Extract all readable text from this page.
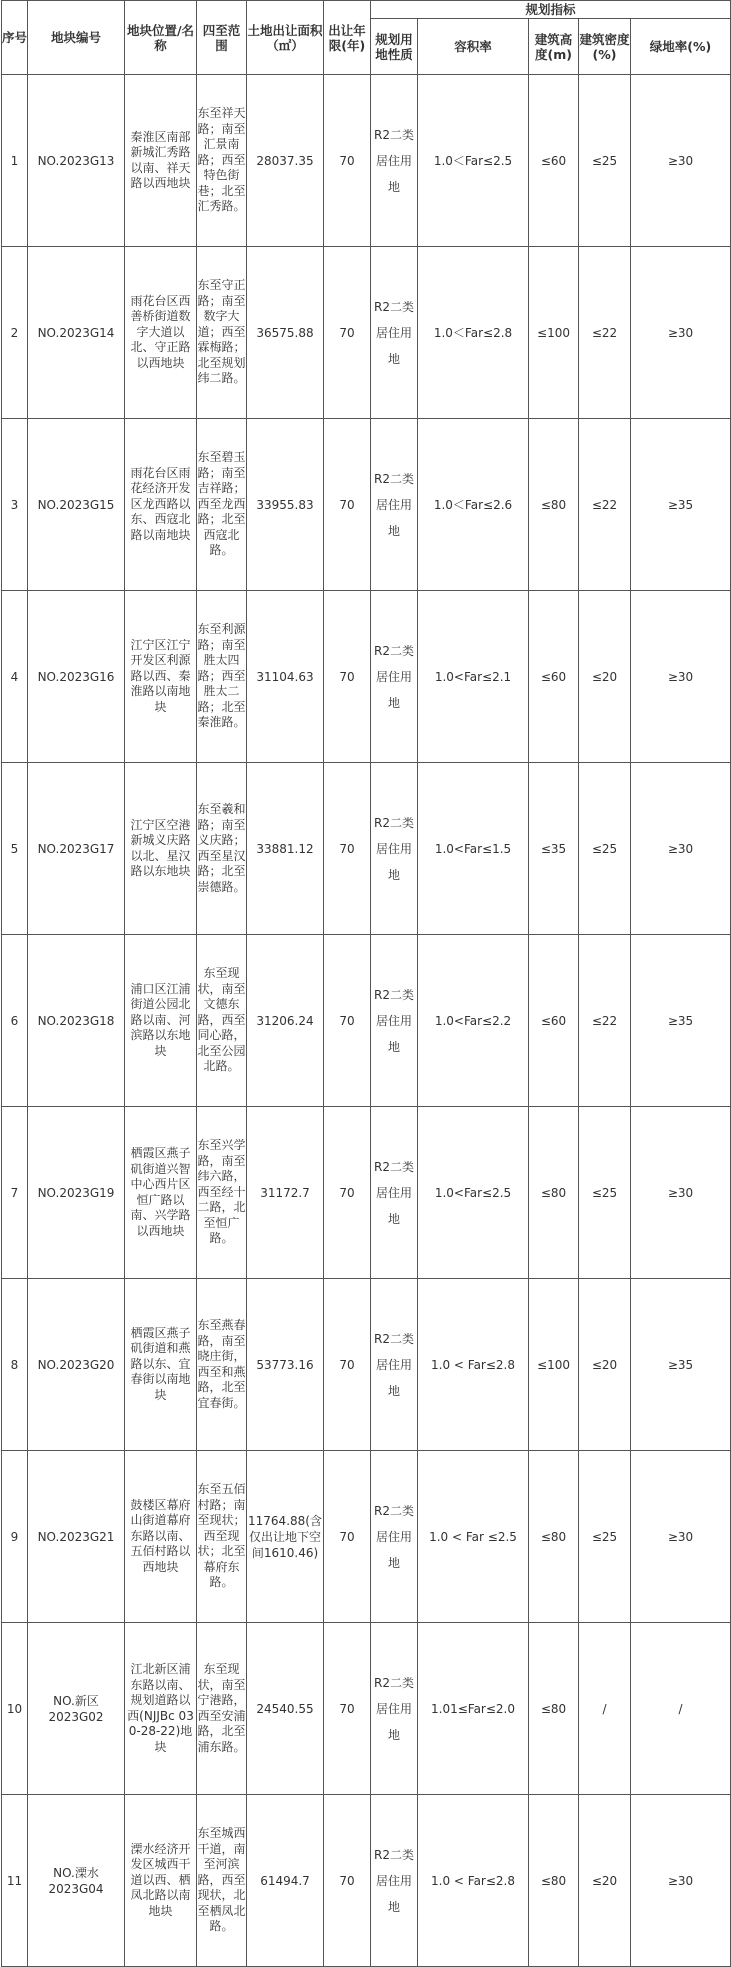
序号	地块编号	地块位置/名称	四至范围	土地出让面积（㎡）	出让年限(年)	规划指标				
						规划用地性质	容积率	建筑高度(m)	建筑密度(%)	绿地率(%)
1	NO.2023G13	秦淮区南部新城汇秀路以南、祥天路以西地块	东至祥天路；南至汇景南路；西至特色街巷；北至汇秀路。	28037.35	70	R2二类居住用地	1.0＜Far≤2.5	≤60	≤25	≥30
2	NO.2023G14	雨花台区西善桥街道数字大道以北、守正路以西地块	东至守正路；南至数字大道；西至霖梅路；北至规划纬二路。	36575.88	70	R2二类居住用地	1.0＜Far≤2.8	≤100	≤22	≥30
3	NO.2023G15	雨花台区雨花经济开发区龙西路以东、西寇北路以南地块	东至碧玉路；南至吉祥路；西至龙西路；北至西寇北路。	33955.83	70	R2二类居住用地	1.0＜Far≤2.6	≤80	≤22	≥35
4	NO.2023G16	江宁区江宁开发区利源路以西、秦淮路以南地块	东至利源路；南至胜太四路；西至胜太二路；北至秦淮路。	31104.63	70	R2二类居住用地	1.0<Far≤2.1	≤60	≤20	≥30
5	NO.2023G17	江宁区空港新城义庆路以北、星汉路以东地块	东至羲和路；南至义庆路；西至星汉路；北至崇德路。	33881.12	70	R2二类居住用地	1.0<Far≤1.5	≤35	≤25	≥30
6	NO.2023G18	浦口区江浦街道公园北路以南、河滨路以东地块	东至现状，南至文德东路，西至同心路，北至公园北路。	31206.24	70	R2二类居住用地	1.0<Far≤2.2	≤60	≤22	≥35
7	NO.2023G19	栖霞区燕子矶街道兴智中心西片区恒广路以南、兴学路以西地块	东至兴学路，南至纬六路，西至经十二路，北至恒广路。	31172.7	70	R2二类居住用地	1.0<Far≤2.5	≤80	≤25	≥30
8	NO.2023G20	栖霞区燕子矶街道和燕路以东、宜春街以南地块	东至燕春路，南至晓庄街，西至和燕路，北至宜春街。	53773.16	70	R2二类居住用地	1.0 < Far≤2.8	≤100	≤20	≥35
9	NO.2023G21	鼓楼区幕府山街道幕府东路以南、五佰村路以西地块	东至五佰村路；南至现状；西至现状；北至幕府东路。	11764.88(含仅出让地下空间1610.46)	70	R2二类居住用地	1.0 < Far ≤2.5	≤80	≤25	≥30
10	NO.新区2023G02	江北新区浦东路以南、规划道路以西(NJJBc 030-28-22)地块	东至现状，南至宁港路，西至安浦路，北至浦东路。	24540.55	70	R2二类居住用地	1.01≤Far≤2.0	≤80	/	/
11	NO.溧水2023G04	溧水经济开发区城西干道以西、栖凤北路以南地块	东至城西干道，南至河滨路，西至现状，北至栖凤北路。	61494.7	70	R2二类居住用地	1.0 < Far≤2.8	≤80	≤20	≥30
